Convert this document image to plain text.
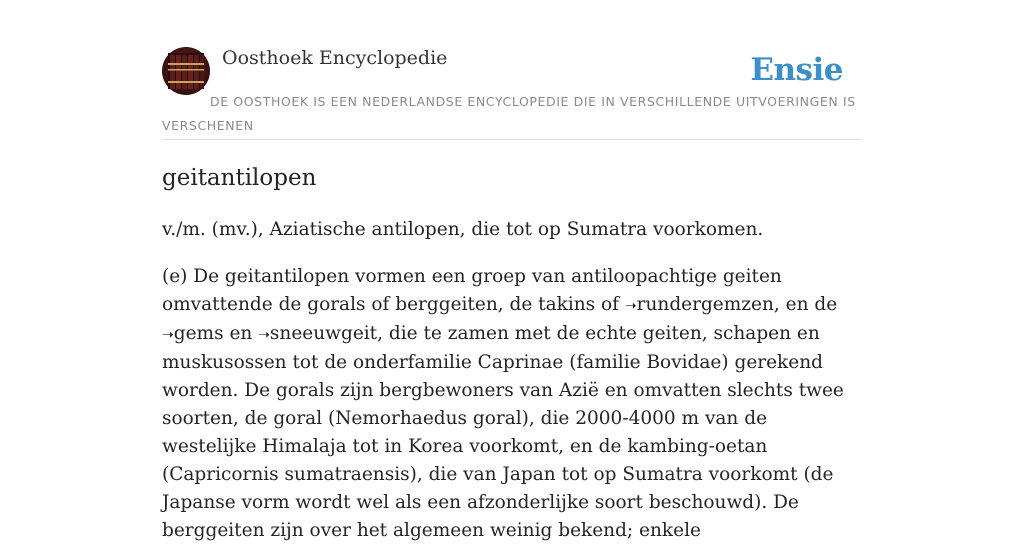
Oosthoek Encyclopedie	Ensie
DE OOSTHOEK IS EEN NEDERLANDSE ENCYCLOPEDIE DIE IN VERSCHILLENDE UITVOERINGEN IS VERSCHENEN
geitantilopen

v./m. (mv.), Aziatische antilopen, die tot op Sumatra voorkomen.

(e) De geitantilopen vormen een groep van antiloopachtige geiten omvattende de gorals of berggeiten, de takins of ➝rundergemzen, en de ➝gems en ➝sneeuwgeit, die te zamen met de echte geiten, schapen en muskusossen tot de onderfamilie Caprinae (familie Bovidae) gerekend worden. De gorals zijn bergbewoners van Azië en omvatten slechts twee soorten, de goral (Nemorhaedus goral), die 2000-4000 m van de westelijke Himalaja tot in Korea voorkomt, en de kambing-oetan (Capricornis sumatraensis), die van Japan tot op Sumatra voorkomt (de Japanse vorm wordt wel als een afzonderlijke soort beschouwd). De berggeiten zijn over het algemeen weinig bekend; enkele
